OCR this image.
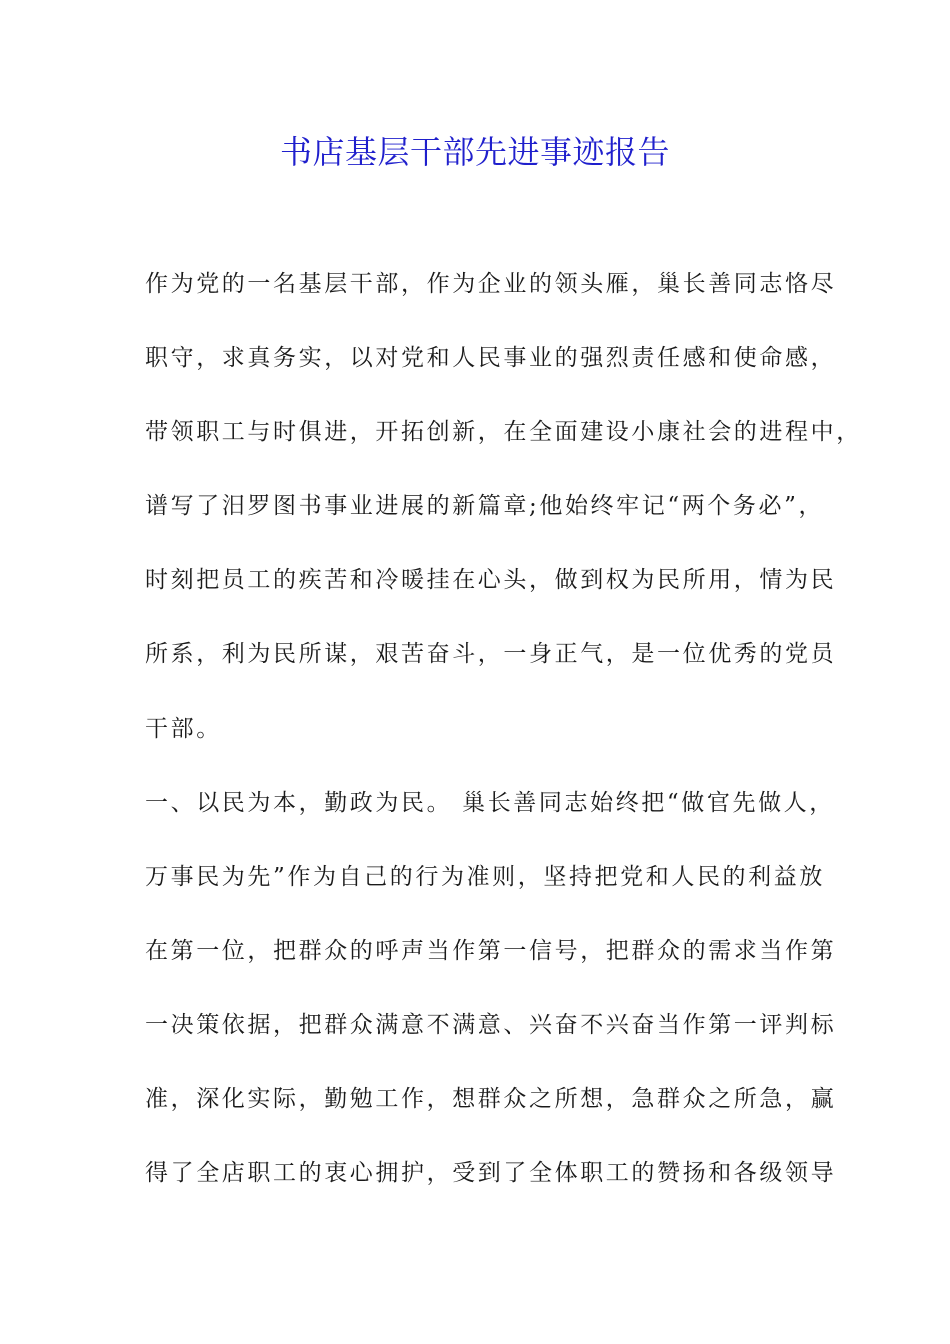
书店基层干部先进事迹报告
作为党的一名基层干部，作为企业的领头雁，巢长善同志恪尽
职守，求真务实，以对党和人民事业的强烈责任感和使命感，
带领职工与时俱进，开拓创新，在全面建设小康社会的进程中，
谱写了汨罗图书事业进展的新篇章;他始终牢记“两个务必”，
时刻把员工的疾苦和冷暖挂在心头，做到权为民所用，情为民
所系，利为民所谋，艰苦奋斗，一身正气，是一位优秀的党员
干部。
一、以民为本，勤政为民。 巢长善同志始终把“做官先做人，
万事民为先”作为自己的行为准则，坚持把党和人民的利益放
在第一位，把群众的呼声当作第一信号，把群众的需求当作第
一决策依据，把群众满意不满意、兴奋不兴奋当作第一评判标
准，深化实际，勤勉工作，想群众之所想，急群众之所急，赢
得了全店职工的衷心拥护，受到了全体职工的赞扬和各级领导
